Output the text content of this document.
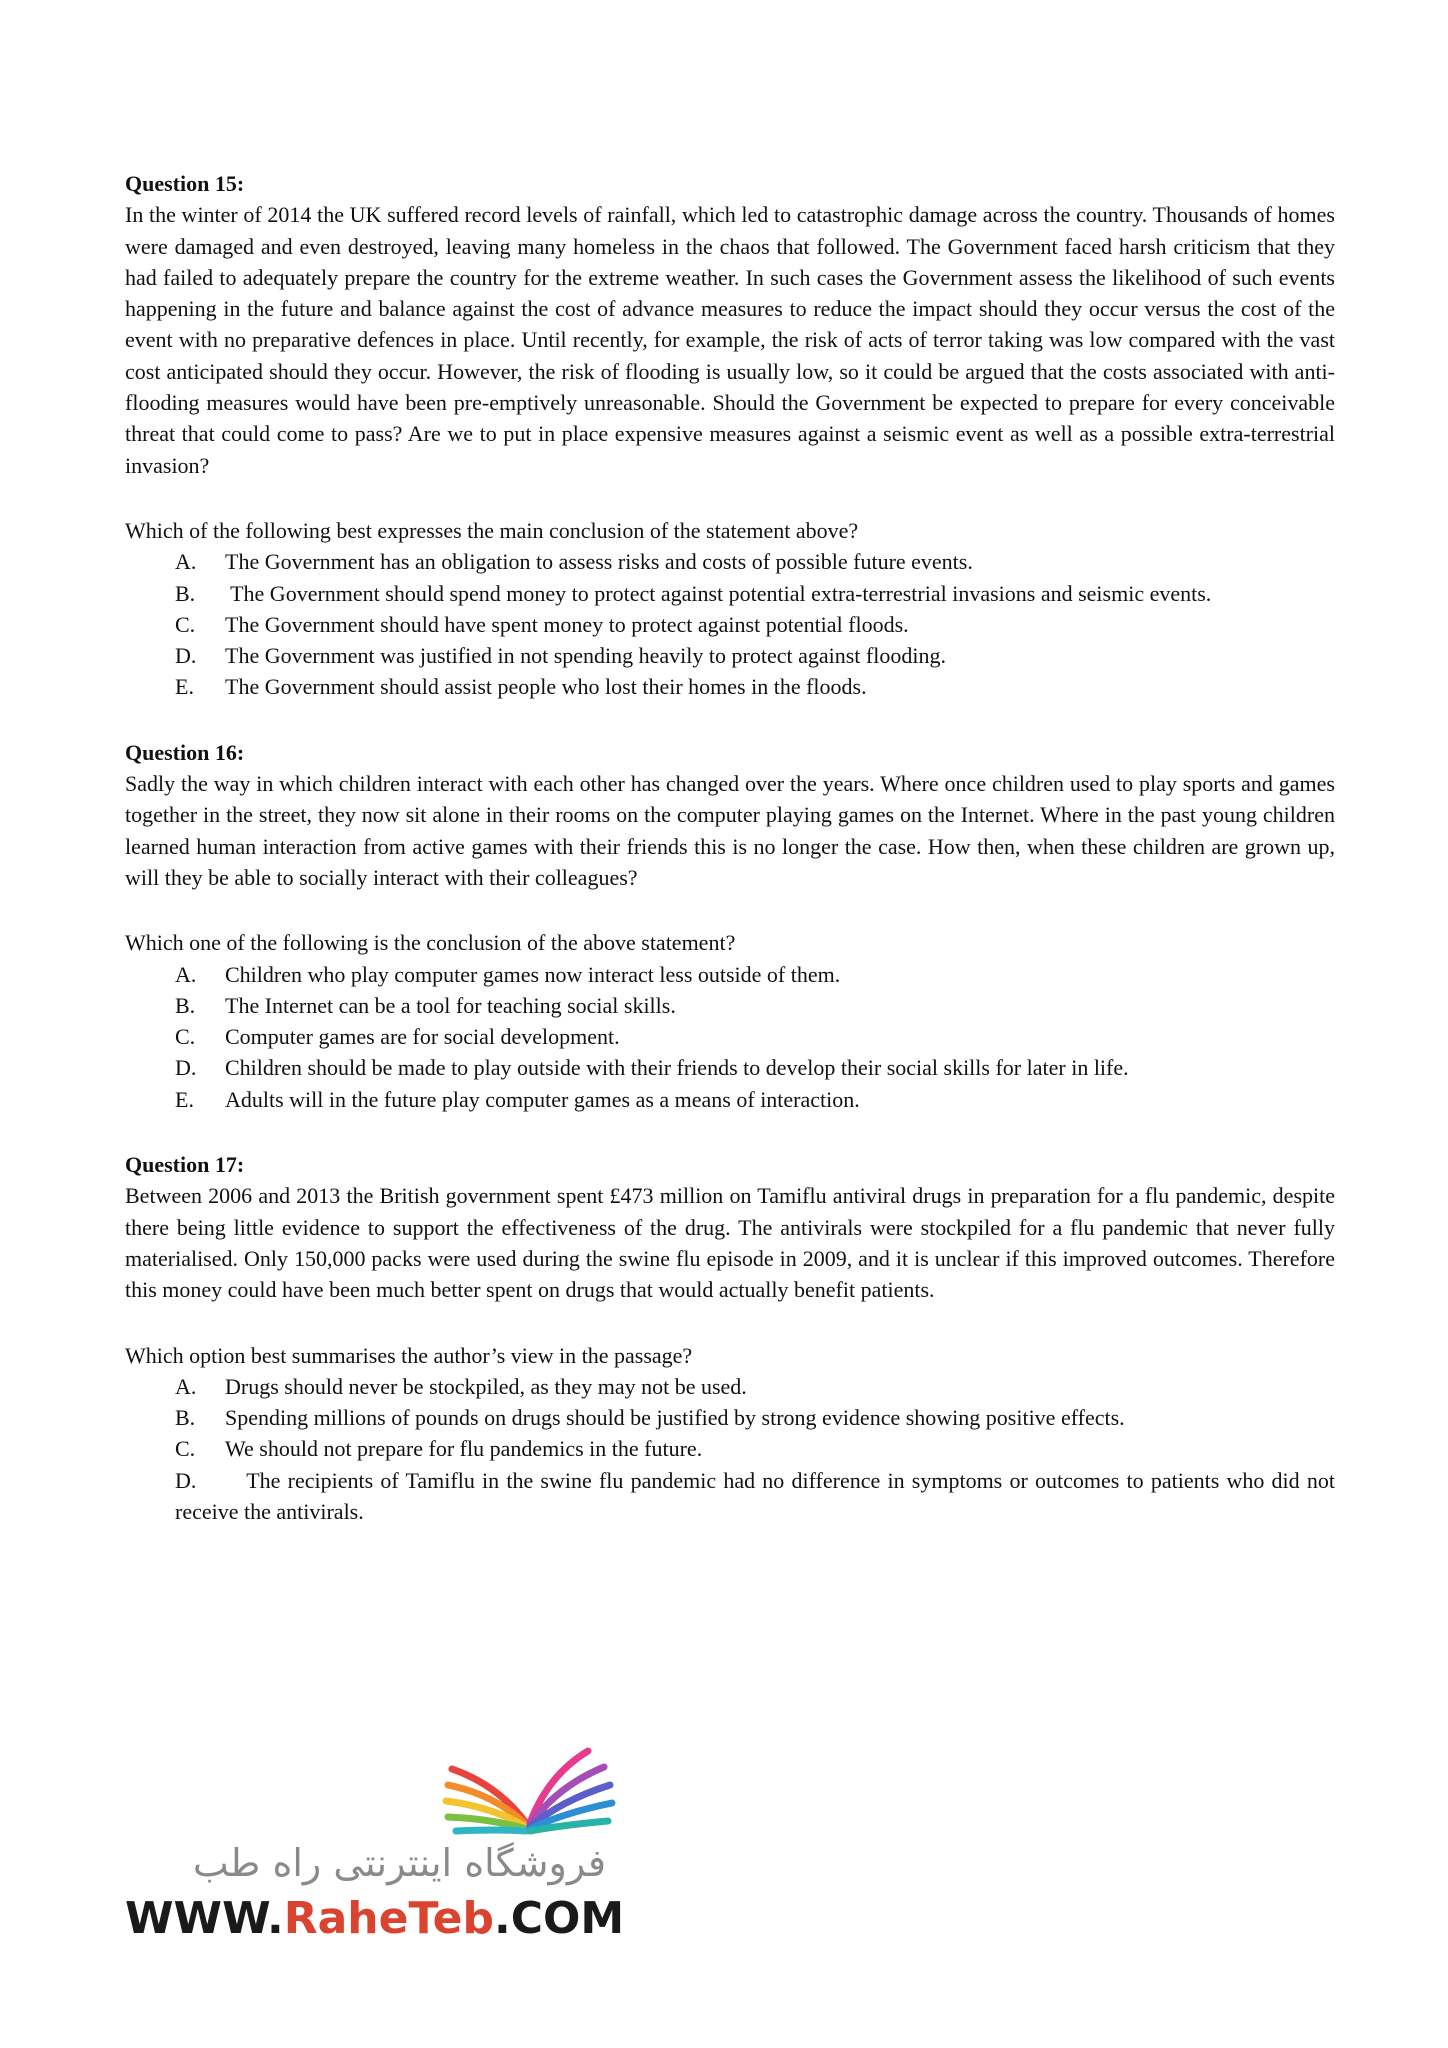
Question 15:

In the winter of 2014 the UK suffered record levels of rainfall, which led to catastrophic damage across the country. Thousands of homes were damaged and even destroyed, leaving many homeless in the chaos that followed. The Government faced harsh criticism that they had failed to adequately prepare the country for the extreme weather. In such cases the Government assess the likelihood of such events happening in the future and balance against the cost of advance measures to reduce the impact should they occur versus the cost of the event with no preparative defences in place. Until recently, for example, the risk of acts of terror taking was low compared with the vast cost anticipated should they occur. However, the risk of flooding is usually low, so it could be argued that the costs associated with anti-flooding measures would have been pre-emptively unreasonable. Should the Government be expected to prepare for every conceivable threat that could come to pass? Are we to put in place expensive measures against a seismic event as well as a possible extra-terrestrial invasion?

Which of the following best expresses the main conclusion of the statement above?

A.	The Government has an obligation to assess risks and costs of possible future events.
B. The Government should spend money to protect against potential extra-terrestrial invasions and seismic events.
C.	The Government should have spent money to protect against potential floods.
D.	The Government was justified in not spending heavily to protect against flooding.
E.	The Government should assist people who lost their homes in the floods.

Question 16:

Sadly the way in which children interact with each other has changed over the years. Where once children used to play sports and games together in the street, they now sit alone in their rooms on the computer playing games on the Internet. Where in the past young children learned human interaction from active games with their friends this is no longer the case. How then, when these children are grown up, will they be able to socially interact with their colleagues?

Which one of the following is the conclusion of the above statement?

A.	Children who play computer games now interact less outside of them.
B.	The Internet can be a tool for teaching social skills.
C.	Computer games are for social development.
D.	Children should be made to play outside with their friends to develop their social skills for later in life.
E.	Adults will in the future play computer games as a means of interaction.

Question 17:

Between 2006 and 2013 the British government spent £473 million on Tamiflu antiviral drugs in preparation for a flu pandemic, despite there being little evidence to support the effectiveness of the drug. The antivirals were stockpiled for a flu pandemic that never fully materialised. Only 150,000 packs were used during the swine flu episode in 2009, and it is unclear if this improved outcomes. Therefore this money could have been much better spent on drugs that would actually benefit patients.

Which option best summarises the author’s view in the passage?

A.	Drugs should never be stockpiled, as they may not be used.
B.	Spending millions of pounds on drugs should be justified by strong evidence showing positive effects.
C.	We should not prepare for flu pandemics in the future.
D.   The recipients of Tamiflu in the swine flu pandemic had no difference in symptoms or outcomes to patients who did not receive the antivirals.
فروشگاه اینترنتی راه طب
WWW.RaheTeb.COM
